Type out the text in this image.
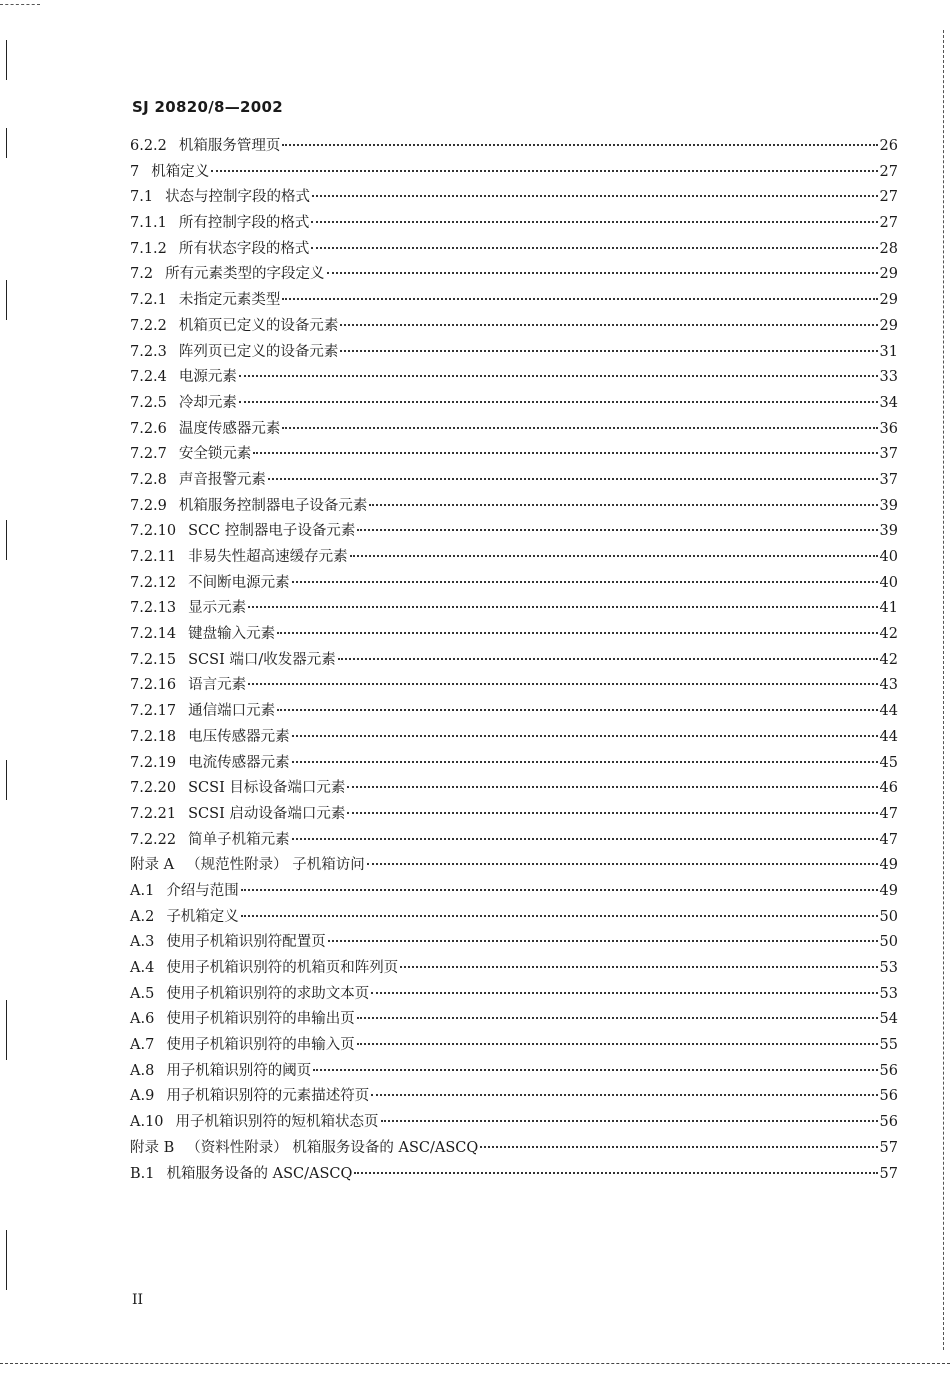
SJ 20820/8—2002
6.2.2 机箱服务管理页	26
7 机箱定义	27
7.1 状态与控制字段的格式	27
7.1.1 所有控制字段的格式	27
7.1.2 所有状态字段的格式	28
7.2 所有元素类型的字段定义	29
7.2.1 未指定元素类型	29
7.2.2 机箱页已定义的设备元素	29
7.2.3 阵列页已定义的设备元素	31
7.2.4 电源元素	33
7.2.5 冷却元素	34
7.2.6 温度传感器元素	36
7.2.7 安全锁元素	37
7.2.8 声音报警元素	37
7.2.9 机箱服务控制器电子设备元素	39
7.2.10 SCC 控制器电子设备元素	39
7.2.11 非易失性超高速缓存元素	40
7.2.12 不间断电源元素	40
7.2.13 显示元素	41
7.2.14 键盘输入元素	42
7.2.15 SCSI 端口/收发器元素	42
7.2.16 语言元素	43
7.2.17 通信端口元素	44
7.2.18 电压传感器元素	44
7.2.19 电流传感器元素	45
7.2.20 SCSI 目标设备端口元素	46
7.2.21 SCSI 启动设备端口元素	47
7.2.22 简单子机箱元素	47
附录 A （规范性附录） 子机箱访问	49
A.1 介绍与范围	49
A.2 子机箱定义	50
A.3 使用子机箱识别符配置页	50
A.4 使用子机箱识别符的机箱页和阵列页	53
A.5 使用子机箱识别符的求助文本页	53
A.6 使用子机箱识别符的串输出页	54
A.7 使用子机箱识别符的串输入页	55
A.8 用子机箱识别符的阈页	56
A.9 用子机箱识别符的元素描述符页	56
A.10 用子机箱识别符的短机箱状态页	56
附录 B （资料性附录） 机箱服务设备的 ASC/ASCQ	57
B.1 机箱服务设备的 ASC/ASCQ	57
II
